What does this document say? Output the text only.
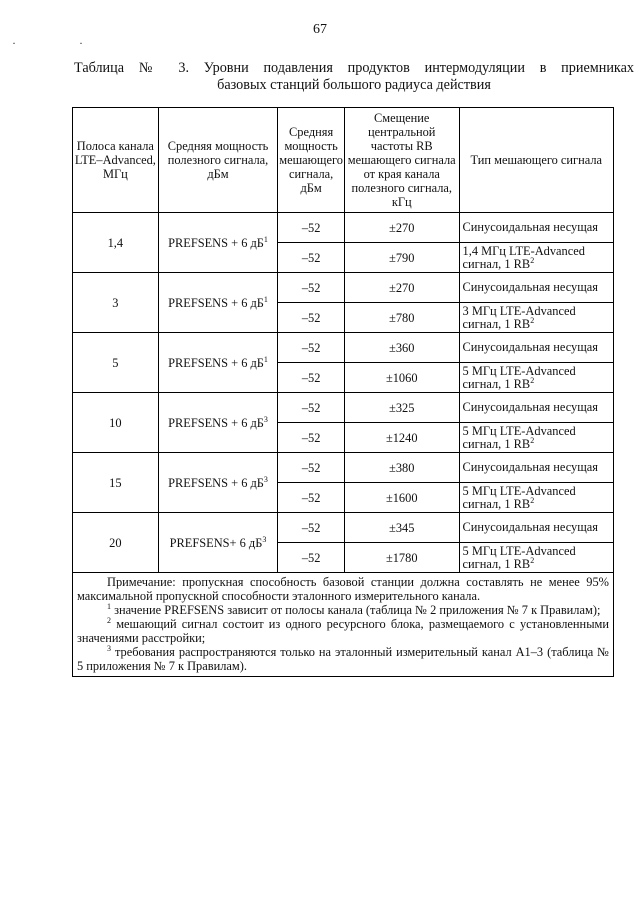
67
· ·
Таблица № 3. Уровни подавления продуктов интермодуляции в приемниках
базовых станций большого радиуса действия
Полоса канала LTE–Advanced, МГц	Средняя мощность полезного сигнала, дБм	Средняя мощность мешающего сигнала, дБм	Смещение центральной частоты RB мешающего сигнала от края канала полезного сигнала, кГц	Тип мешающего сигнала
1,4	PREFSENS + 6 $дБ^1$	–52	±270	Синусоидальная несущая
		–52	±790	1,4 МГц LTE-Advanced сигнал, 1 $RB^2$
3	PREFSENS + 6 $дБ^1$	–52	±270	Синусоидальная несущая
		–52	±780	3 МГц LTE-Advanced сигнал, 1 $RB^2$
5	PREFSENS + 6 $дБ^1$	–52	±360	Синусоидальная несущая
		–52	±1060	5 МГц LTE-Advanced сигнал, 1 $RB^2$
10	PREFSENS + 6 $дБ^3$	–52	±325	Синусоидальная несущая
		–52	±1240	5 МГц LTE-Advanced сигнал, 1 $RB^2$
15	PREFSENS + 6 $дБ^3$	–52	±380	Синусоидальная несущая
		–52	±1600	5 МГц LTE-Advanced сигнал, 1 $RB^2$
20	PREFSENS+ 6 $дБ^3$	–52	±345	Синусоидальная несущая
		–52	±1780	5 МГц LTE-Advanced сигнал, 1 $RB^2$

Примечание: пропускная способность базовой станции должна составлять не менее 95% максимальной пропускной способности эталонного измерительного канала.
$^1$ значение PREFSENS зависит от полосы канала (таблица № 2 приложения № 7 к Правилам);
$^2$ мешающий сигнал состоит из одного ресурсного блока, размещаемого с установленными значениями расстройки;
$^3$ требования распространяются только на эталонный измерительный канал А1–3 (таблица № 5 приложения № 7 к Правилам).				
